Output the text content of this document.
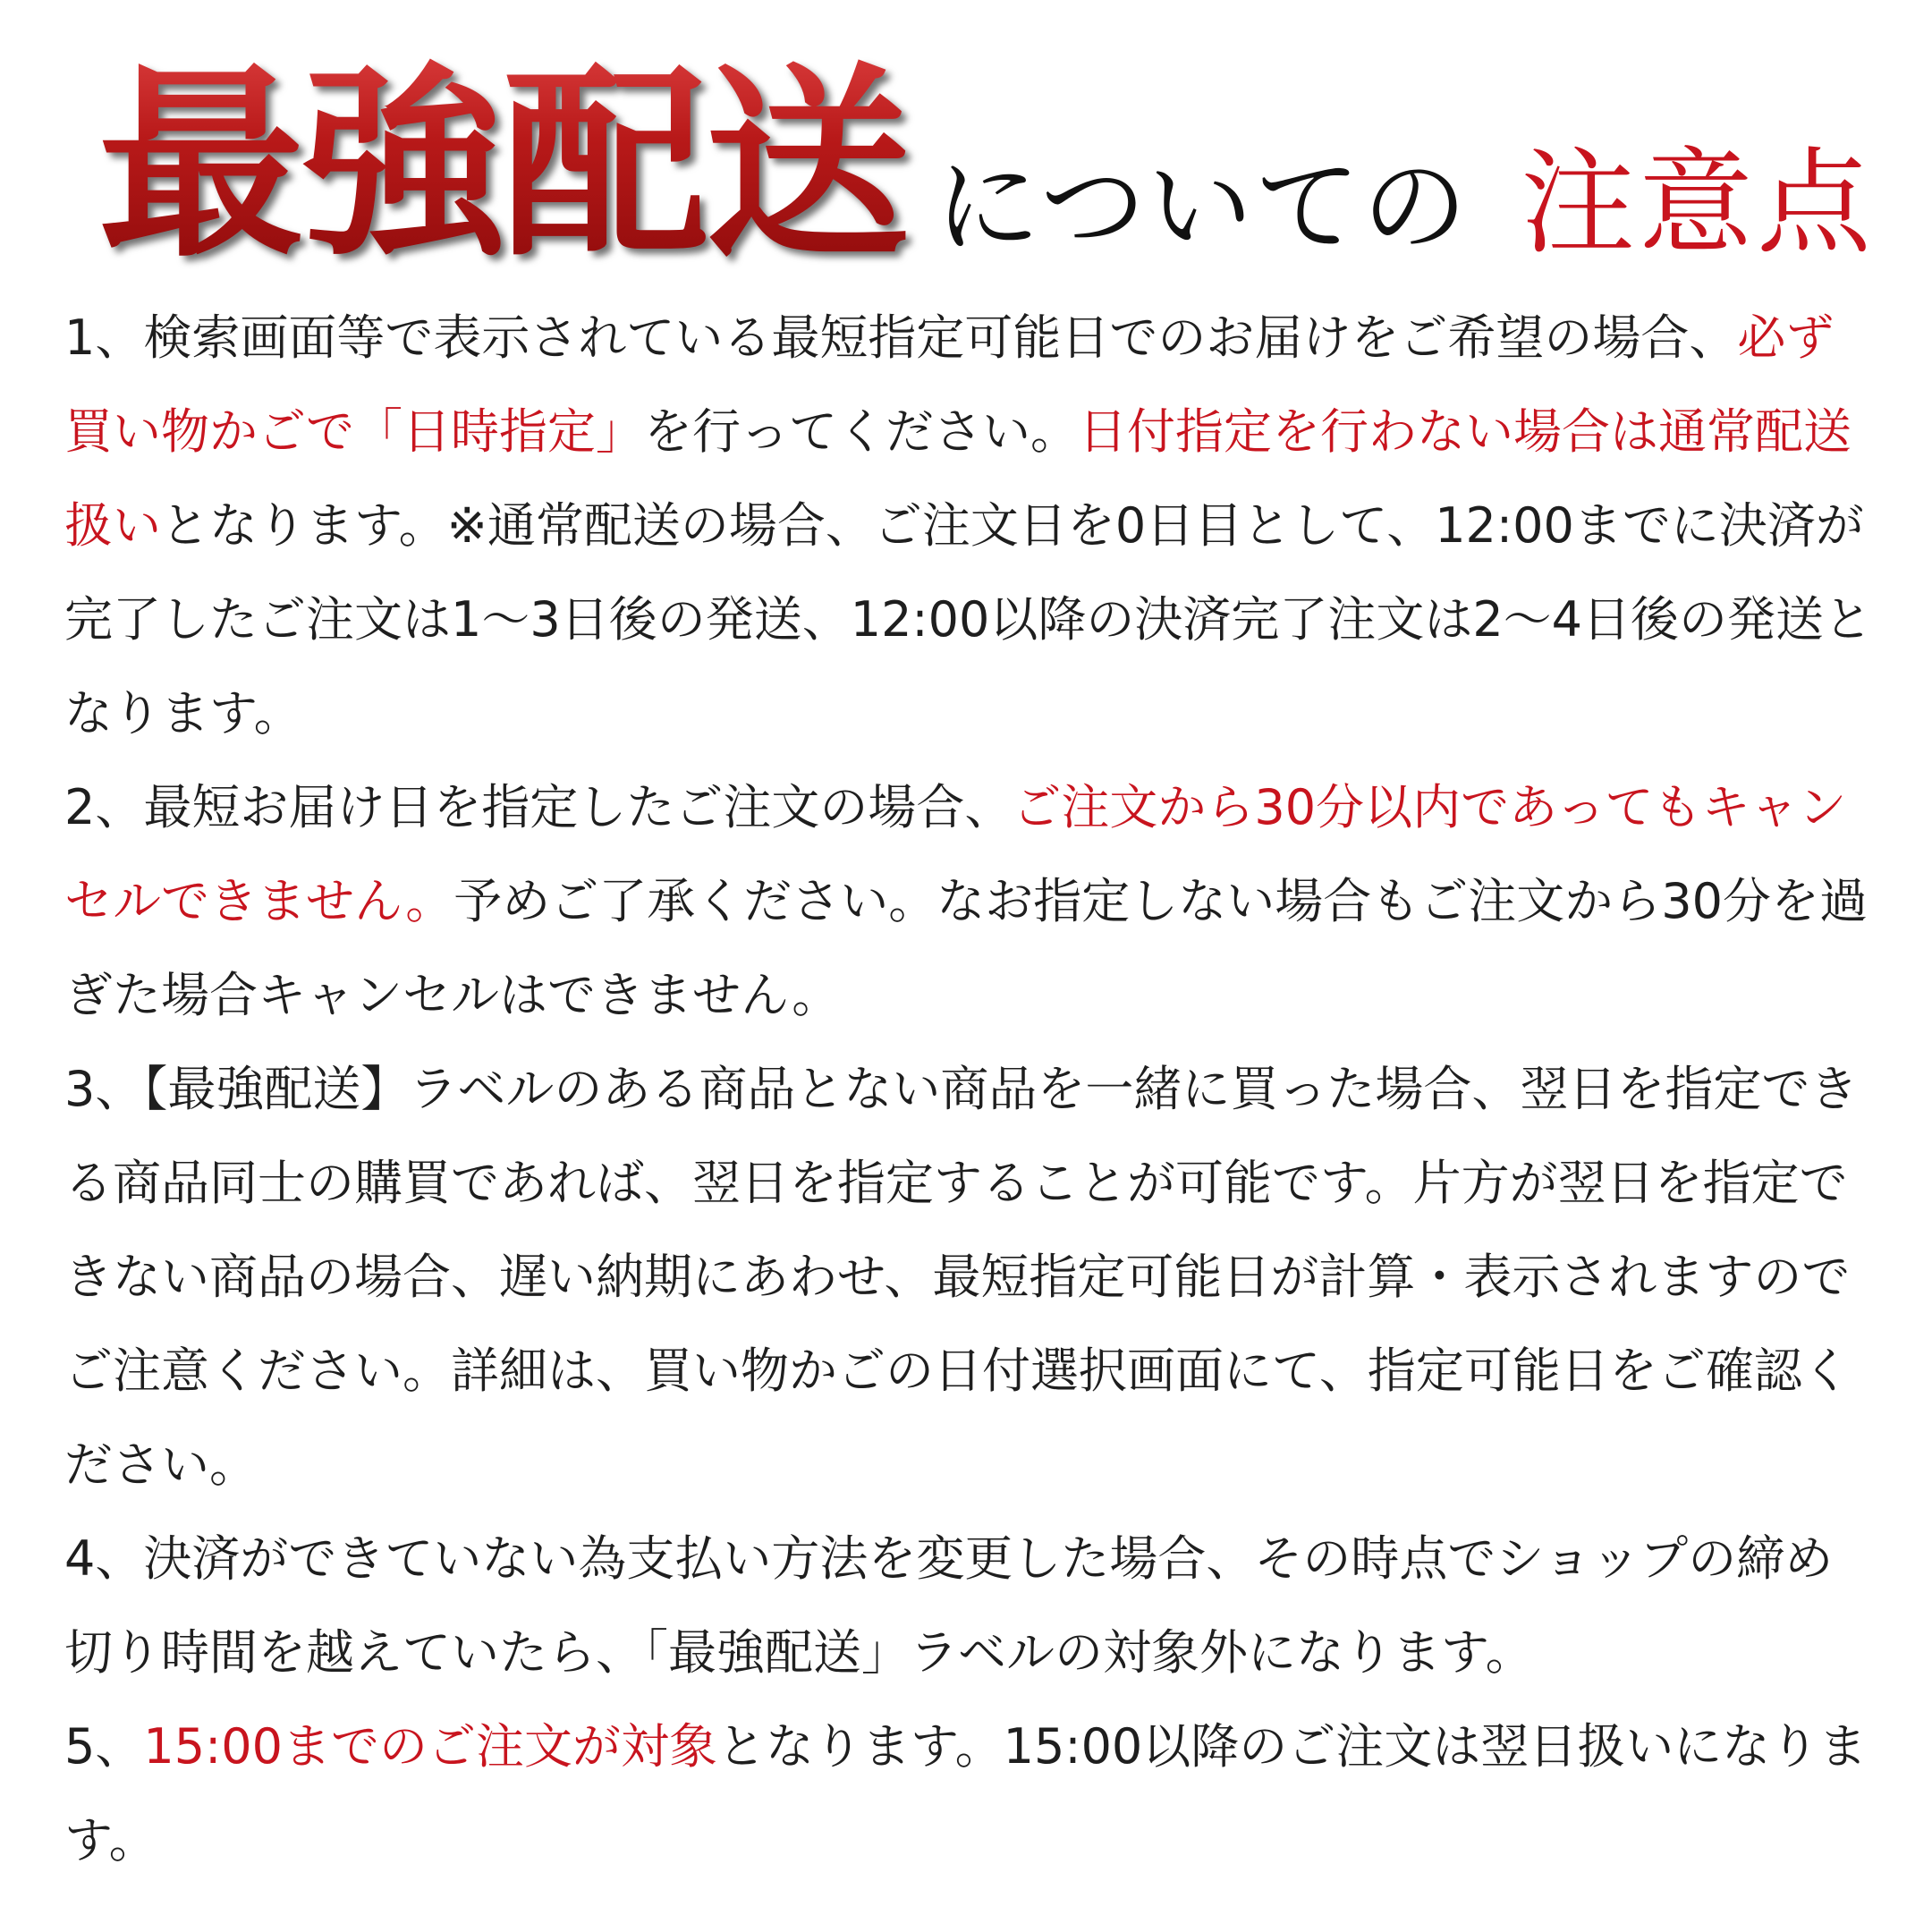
最強配送 についての 注意点

1、検索画面等で表示されている最短指定可能日でのお届けをご希望の場合、必ず買い物かごで「日時指定」を行ってください。日付指定を行わない場合は通常配送扱いとなります。※通常配送の場合、ご注文日を0日目として、12:00までに決済が完了したご注文は1～3日後の発送、12:00以降の決済完了注文は2～4日後の発送となります。

2、最短お届け日を指定したご注文の場合、ご注文から30分以内であってもキャンセルできません。予めご了承ください。なお指定しない場合もご注文から30分を過ぎた場合キャンセルはできません。

3、【最強配送】ラベルのある商品とない商品を一緒に買った場合、翌日を指定できる商品同士の購買であれば、翌日を指定することが可能です。片方が翌日を指定できない商品の場合、遅い納期にあわせ、最短指定可能日が計算・表示されますのでご注意ください。詳細は、買い物かごの日付選択画面にて、指定可能日をご確認ください。

4、決済ができていない為支払い方法を変更した場合、その時点でショップの締め切り時間を越えていたら、「最強配送」ラベルの対象外になります。

5、15:00までのご注文が対象となります。15:00以降のご注文は翌日扱いになります。
